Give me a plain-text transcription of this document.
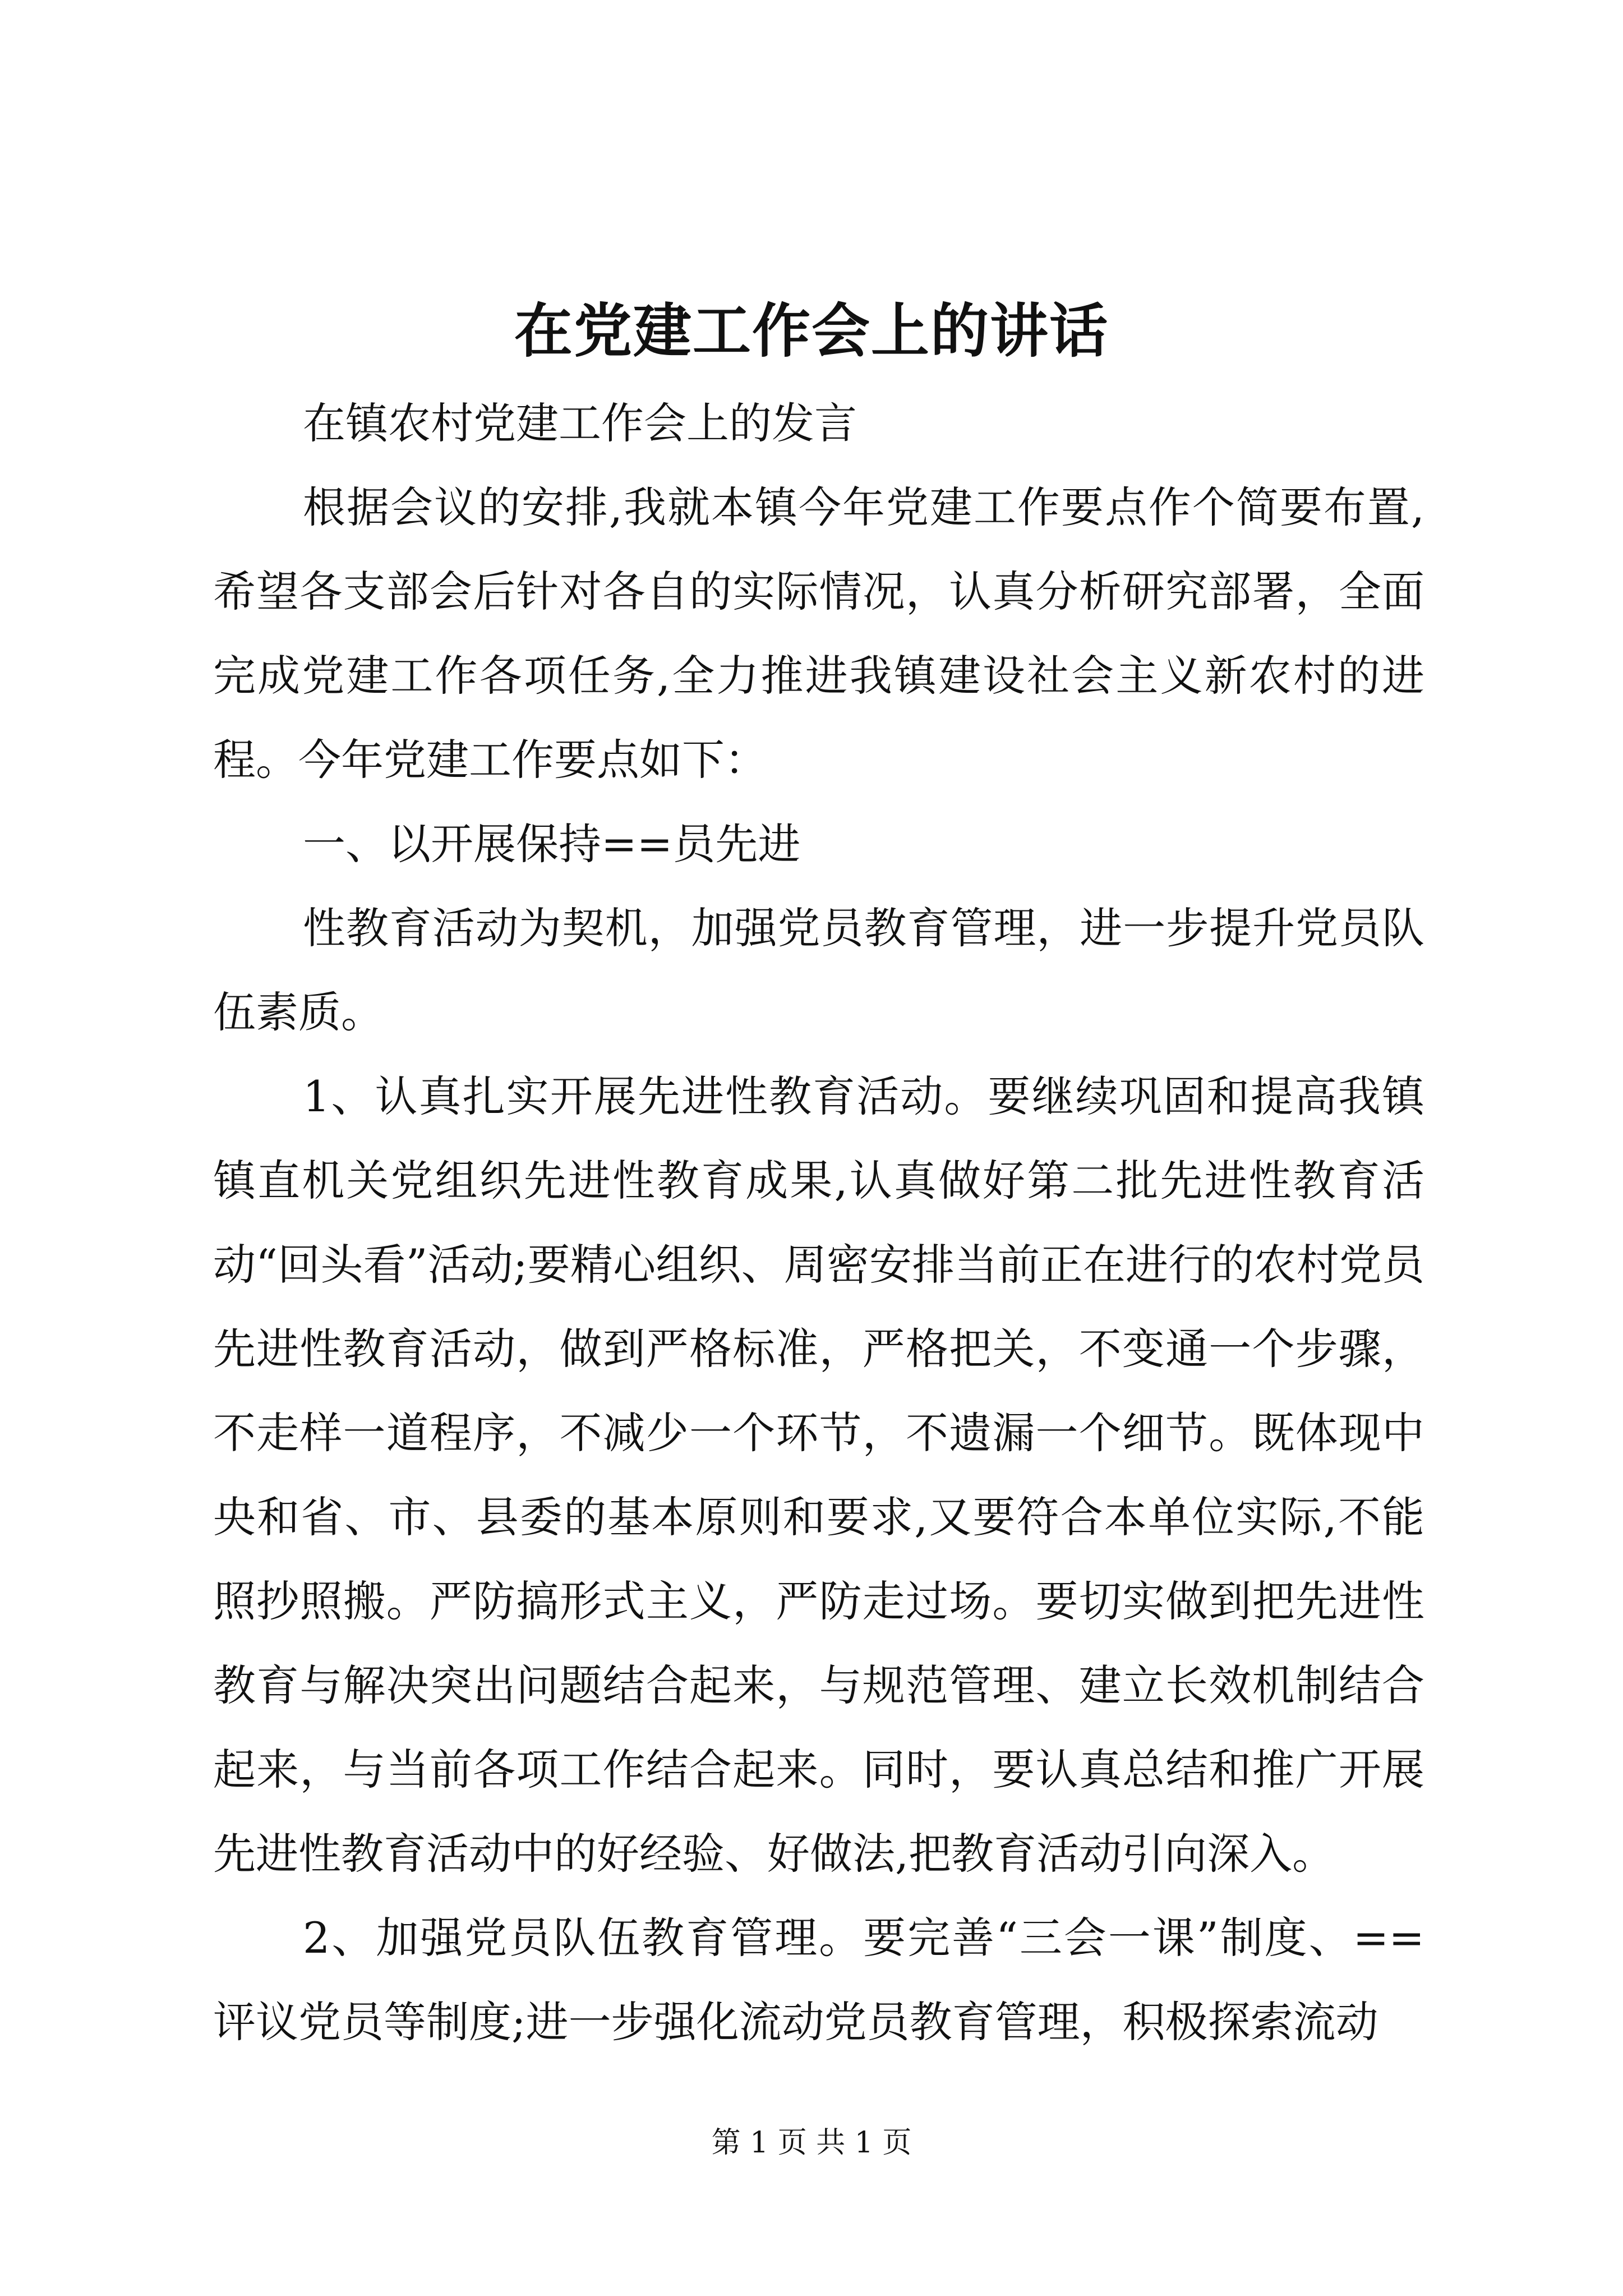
在党建工作会上的讲话

在镇农村党建工作会上的发言

根据会议的安排,我就本镇今年党建工作要点作个简要布置,希望各支部会后针对各自的实际情况，认真分析研究部署，全面完成党建工作各项任务,全力推进我镇建设社会主义新农村的进程。今年党建工作要点如下：

一、以开展保持==员先进

性教育活动为契机，加强党员教育管理，进一步提升党员队伍素质。

1、认真扎实开展先进性教育活动。要继续巩固和提高我镇镇直机关党组织先进性教育成果,认真做好第二批先进性教育活动“回头看”活动;要精心组织、周密安排当前正在进行的农村党员先进性教育活动，做到严格标准，严格把关，不变通一个步骤，不走样一道程序，不减少一个环节，不遗漏一个细节。既体现中央和省、市、县委的基本原则和要求,又要符合本单位实际,不能照抄照搬。严防搞形式主义，严防走过场。要切实做到把先进性教育与解决突出问题结合起来，与规范管理、建立长效机制结合起来，与当前各项工作结合起来。同时，要认真总结和推广开展先进性教育活动中的好经验、好做法,把教育活动引向深入。

2、加强党员队伍教育管理。要完善“三会一课”制度、==评议党员等制度;进一步强化流动党员教育管理，积极探索流动

第 1 页 共 1 页
